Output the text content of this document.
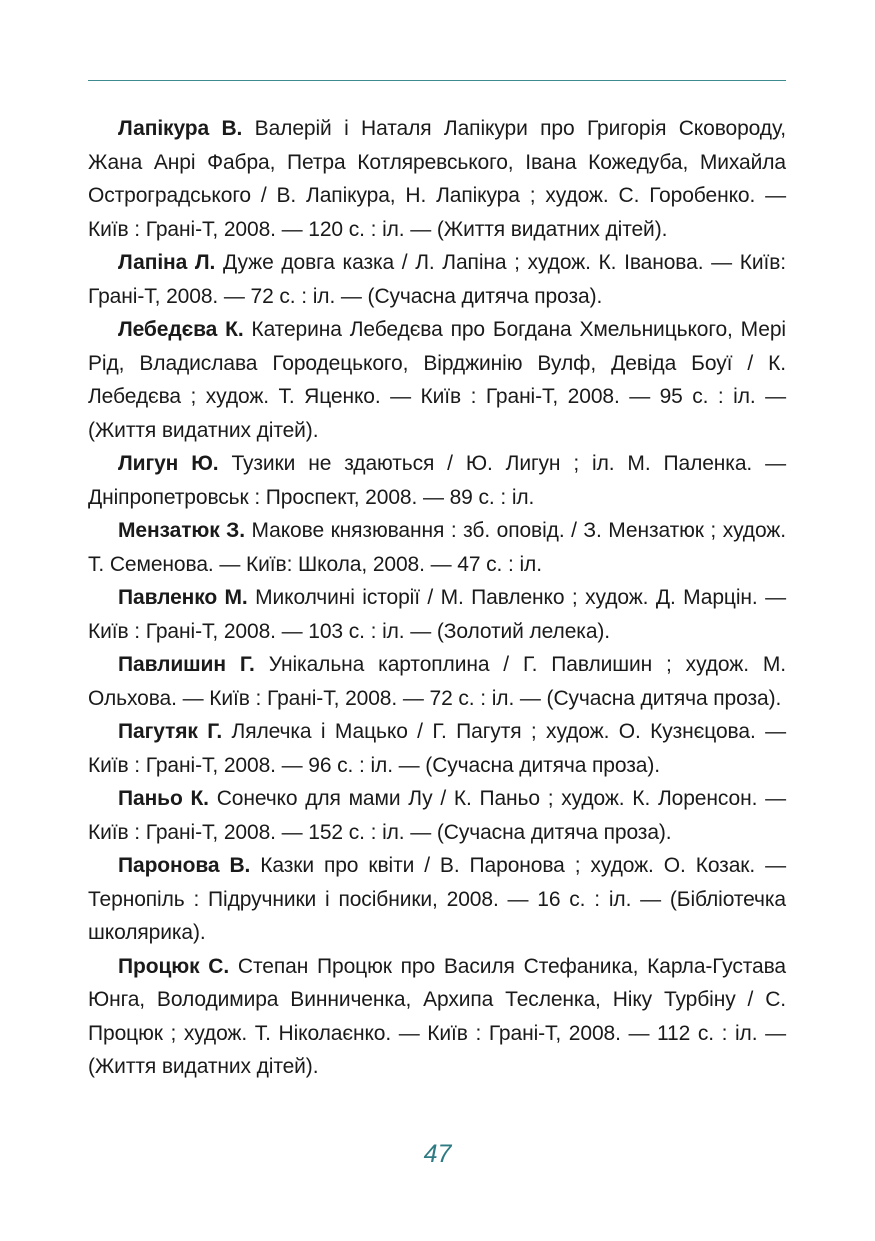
Лапікура В. Валерій і Наталя Лапікури про Григорія Сковороду, Жана Анрі Фабра, Петра Котляревського, Івана Кожедуба, Михайла Остроградського / В. Лапікура, Н. Лапікура ; худож. С. Горобенко. — Київ : Грані-Т, 2008. — 120 с. : іл. — (Життя видатних дітей).

Лапіна Л. Дуже довга казка / Л. Лапіна ; худож. К. Іванова. — Київ: Грані-Т, 2008. — 72 с. : іл. — (Сучасна дитяча проза).

Лебедєва К. Катерина Лебедєва про Богдана Хмельницького, Мері Рід, Владислава Городецького, Вірджинію Вулф, Девіда Боуї / К. Лебедєва ; худож. Т. Яценко. — Київ : Грані-Т, 2008. — 95 с. : іл. — (Життя видатних дітей).

Лигун Ю. Тузики не здаються / Ю. Лигун ; іл. М. Паленка. — Дніпропетровськ : Проспект, 2008. — 89 с. : іл.

Мензатюк З. Макове князювання : зб. оповід. / З. Мензатюк ; худож. Т. Семенова. — Київ: Школа, 2008. — 47 с. : іл.

Павленко М. Миколчині історії / М. Павленко ; худож. Д. Марцін. — Київ : Грані-Т, 2008. — 103 с. : іл. — (Золотий лелека).

Павлишин Г. Унікальна картоплина / Г. Павлишин ; худож. М. Ольхова. — Київ : Грані-Т, 2008. — 72 с. : іл. — (Сучасна дитяча проза).

Пагутяк Г. Лялечка і Мацько / Г. Пагутя ; худож. О. Кузнєцова. — Київ : Грані-Т, 2008. — 96 с. : іл. — (Сучасна дитяча проза).

Паньо К. Сонечко для мами Лу / К. Паньо ; худож. К. Лоренсон. — Київ : Грані-Т, 2008. — 152 с. : іл. — (Сучасна дитяча проза).

Паронова В. Казки про квіти / В. Паронова ; худож. О. Козак. — Тернопіль : Підручники і посібники, 2008. — 16 с. : іл. — (Бібліотечка школярика).

Процюк С. Степан Процюк про Василя Стефаника, Карла-Густава Юнга, Володимира Винниченка, Архипа Тесленка, Ніку Турбіну / С. Процюк ; худож. Т. Ніколаєнко. — Київ : Грані-Т, 2008. — 112 с. : іл. — (Життя видатних дітей).

47
